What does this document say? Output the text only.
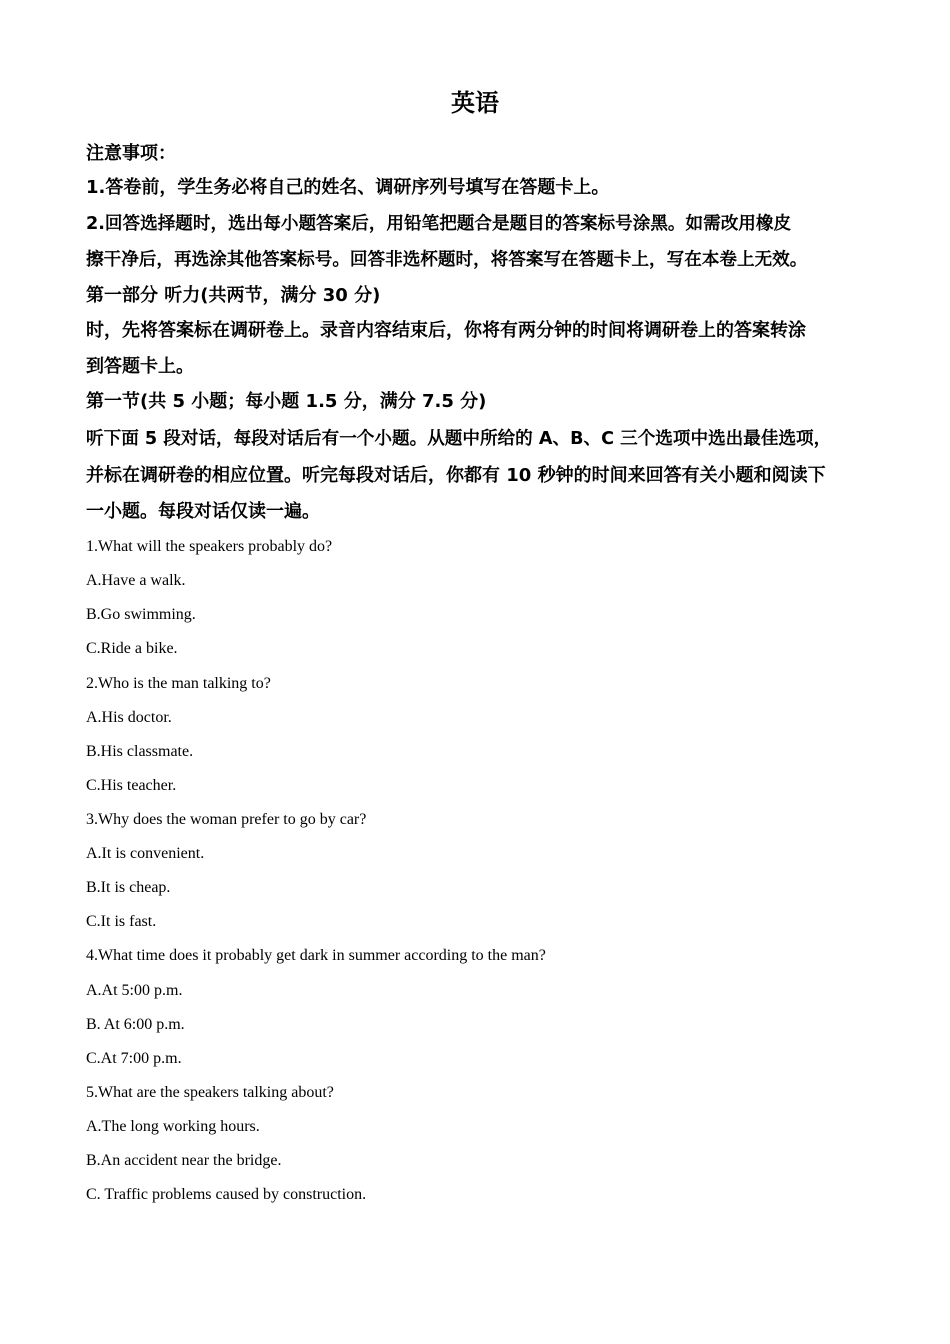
英语
注意事项：
1.答卷前，学生务必将自己的姓名、调研序列号填写在答题卡上。
2.回答选择题时，选出每小题答案后，用铅笔把题合是题目的答案标号涂黑。如需改用橡皮
擦干净后，再选涂其他答案标号。回答非选杯题时，将答案写在答题卡上，写在本卷上无效。
第一部分 听力(共两节，满分 30 分)
时，先将答案标在调研卷上。录音内容结束后，你将有两分钟的时间将调研卷上的答案转涂
到答题卡上。
第一节(共 5 小题；每小题 1.5 分，满分 7.5 分)
听下面 5 段对话，每段对话后有一个小题。从题中所给的 A、B、C 三个选项中选出最佳选项，
并标在调研卷的相应位置。听完每段对话后，你都有 10 秒钟的时间来回答有关小题和阅读下
一小题。每段对话仅读一遍。
1.What will the speakers probably do?
A.Have a walk.
B.Go swimming.
C.Ride a bike.
2.Who is the man talking to?
A.His doctor.
B.His classmate.
C.His teacher.
3.Why does the woman prefer to go by car?
A.It is convenient.
B.It is cheap.
C.It is fast.
4.What time does it probably get dark in summer according to the man?
A.At 5:00 p.m.
B. At 6:00 p.m.
C.At 7:00 p.m.
5.What are the speakers talking about?
A.The long working hours.
B.An accident near the bridge.
C. Traffic problems caused by construction.
